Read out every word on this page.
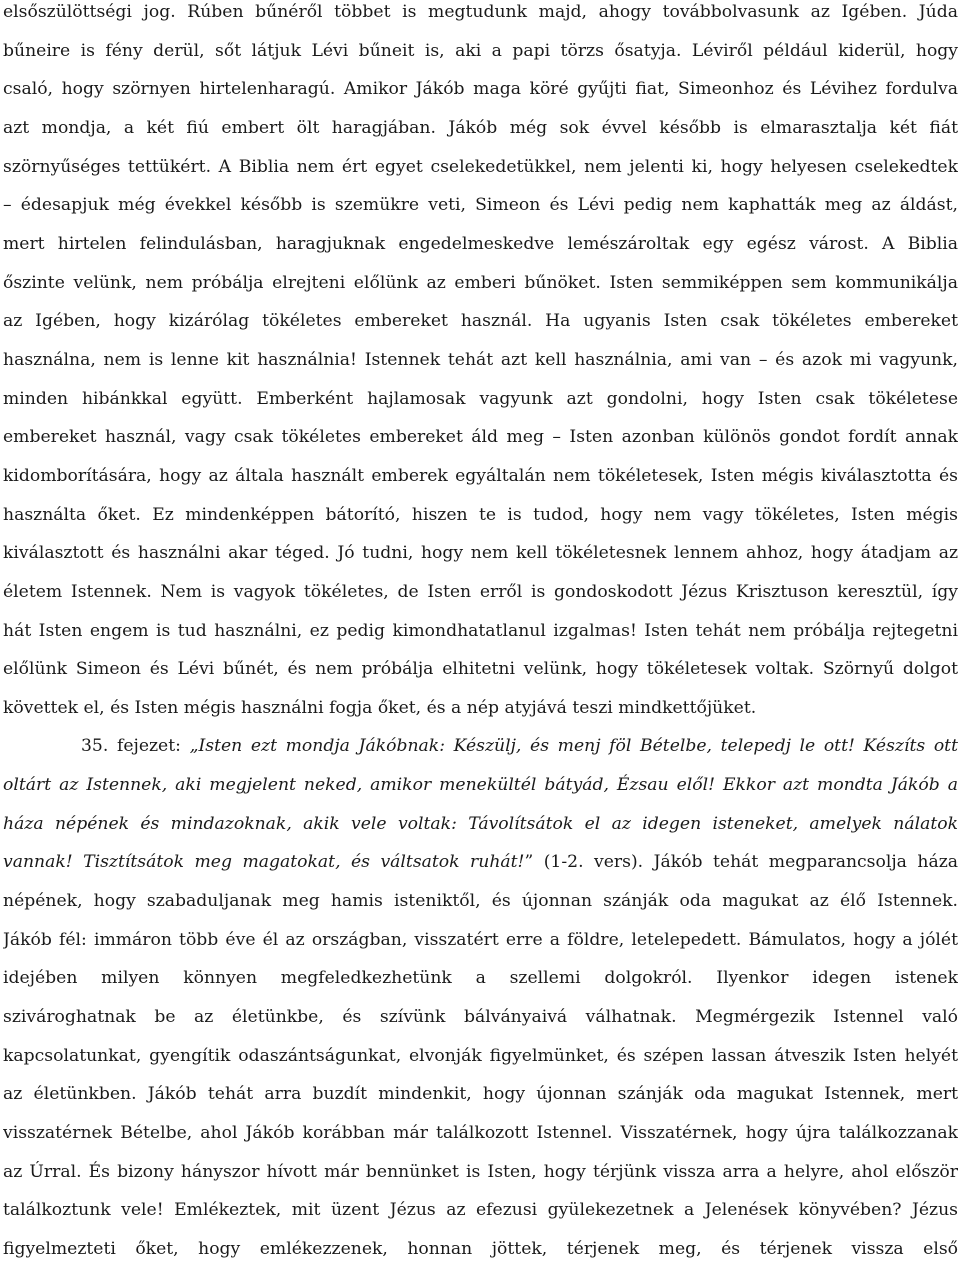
elsőszülöttségi jog. Rúben bűnéről többet is megtudunk majd, ahogy továbbolvasunk az Igében. Júda
bűneire is fény derül, sőt látjuk Lévi bűneit is, aki a papi törzs ősatyja. Léviről például kiderül, hogy
csaló, hogy szörnyen hirtelenharagú. Amikor Jákób maga köré gyűjti fiat, Simeonhoz és Lévihez fordulva
azt mondja, a két fiú embert ölt haragjában. Jákób még sok évvel később is elmarasztalja két fiát
szörnyűséges tettükért. A Biblia nem ért egyet cselekedetükkel, nem jelenti ki, hogy helyesen cselekedtek
– édesapjuk még évekkel később is szemükre veti, Simeon és Lévi pedig nem kaphatták meg az áldást,
mert hirtelen felindulásban, haragjuknak engedelmeskedve lemészároltak egy egész várost. A Biblia
őszinte velünk, nem próbálja elrejteni előlünk az emberi bűnöket. Isten semmiképpen sem kommunikálja
az Igében, hogy kizárólag tökéletes embereket használ. Ha ugyanis Isten csak tökéletes embereket
használna, nem is lenne kit használnia! Istennek tehát azt kell használnia, ami van – és azok mi vagyunk,
minden hibánkkal együtt. Emberként hajlamosak vagyunk azt gondolni, hogy Isten csak tökéletese
embereket használ, vagy csak tökéletes embereket áld meg – Isten azonban különös gondot fordít annak
kidomborítására, hogy az általa használt emberek egyáltalán nem tökéletesek, Isten mégis kiválasztotta és
használta őket. Ez mindenképpen bátorító, hiszen te is tudod, hogy nem vagy tökéletes, Isten mégis
kiválasztott és használni akar téged. Jó tudni, hogy nem kell tökéletesnek lennem ahhoz, hogy átadjam az
életem Istennek. Nem is vagyok tökéletes, de Isten erről is gondoskodott Jézus Krisztuson keresztül, így
hát Isten engem is tud használni, ez pedig kimondhatatlanul izgalmas! Isten tehát nem próbálja rejtegetni
előlünk Simeon és Lévi bűnét, és nem próbálja elhitetni velünk, hogy tökéletesek voltak. Szörnyű dolgot
követtek el, és Isten mégis használni fogja őket, és a nép atyjává teszi mindkettőjüket.
35. fejezet: „Isten ezt mondja Jákóbnak: Készülj, és menj föl Bételbe, telepedj le ott! Készíts ott
oltárt az Istennek, aki megjelent neked, amikor menekültél bátyád, Ézsau elől! Ekkor azt mondta Jákób a
háza népének és mindazoknak, akik vele voltak: Távolítsátok el az idegen isteneket, amelyek nálatok
vannak! Tisztítsátok meg magatokat, és váltsatok ruhát!” (1-2. vers). Jákób tehát megparancsolja háza
népének, hogy szabaduljanak meg hamis isteniktől, és újonnan szánják oda magukat az élő Istennek.
Jákób fél: immáron több éve él az országban, visszatért erre a földre, letelepedett. Bámulatos, hogy a jólét
idejében milyen könnyen megfeledkezhetünk a szellemi dolgokról. Ilyenkor idegen istenek
szivároghatnak be az életünkbe, és szívünk bálványaivá válhatnak. Megmérgezik Istennel való
kapcsolatunkat, gyengítik odaszántságunkat, elvonják figyelmünket, és szépen lassan átveszik Isten helyét
az életünkben. Jákób tehát arra buzdít mindenkit, hogy újonnan szánják oda magukat Istennek, mert
visszatérnek Bételbe, ahol Jákób korábban már találkozott Istennel. Visszatérnek, hogy újra találkozzanak
az Úrral. És bizony hányszor hívott már bennünket is Isten, hogy térjünk vissza arra a helyre, ahol először
találkoztunk vele! Emlékeztek, mit üzent Jézus az efezusi gyülekezetnek a Jelenések könyvében? Jézus
figyelmezteti őket, hogy emlékezzenek, honnan jöttek, térjenek meg, és térjenek vissza első
